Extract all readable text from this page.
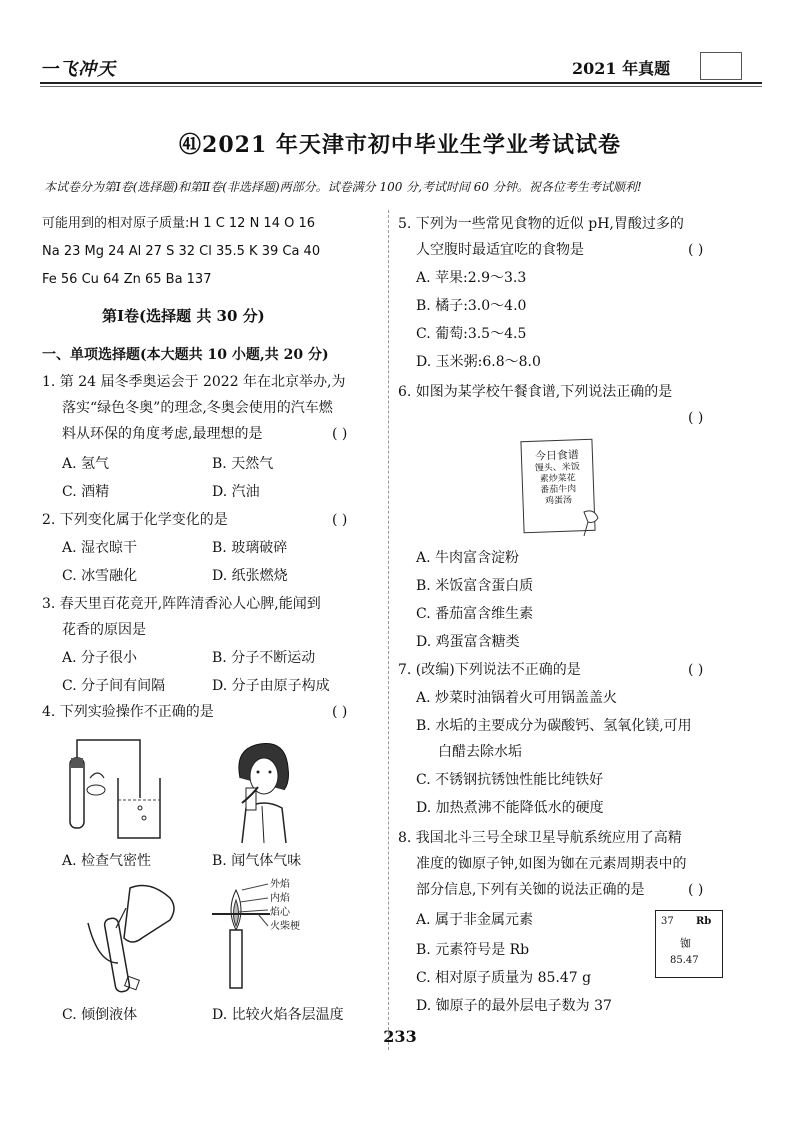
一飞冲天	2021 年真题
㊶2021 年天津市初中毕业生学业考试试卷
本试卷分为第Ⅰ卷(选择题)和第Ⅱ卷(非选择题)两部分。试卷满分 100 分,考试时间 60 分钟。祝各位考生考试顺利!
可能用到的相对原子质量:H 1 C 12 N 14 O 16
Na 23 Mg 24 Al 27 S 32 Cl 35.5 K 39 Ca 40
Fe 56 Cu 64 Zn 65 Ba 137
第Ⅰ卷(选择题 共 30 分)
一、单项选择题(本大题共 10 小题,共 20 分)
1. 第 24 届冬季奥运会于 2022 年在北京举办,为
落实“绿色冬奥”的理念,冬奥会使用的汽车燃
料从环保的角度考虑,最理想的是	( )
A. 氢气	B. 天然气
C. 酒精	D. 汽油
2. 下列变化属于化学变化的是	( )
A. 湿衣晾干	B. 玻璃破碎
C. 冰雪融化	D. 纸张燃烧
3. 春天里百花竞开,阵阵清香沁人心脾,能闻到
花香的原因是
A. 分子很小	B. 分子不断运动
C. 分子间有间隔	D. 分子由原子构成
4. 下列实验操作不正确的是	( )
A. 检查气密性	B. 闻气体气味
外焰
内焰
焰心
火柴梗
C. 倾倒液体	D. 比较火焰各层温度
5. 下列为一些常见食物的近似 pH,胃酸过多的
人空腹时最适宜吃的食物是	( )
A. 苹果:2.9～3.3
B. 橘子:3.0～4.0
C. 葡萄:3.5～4.5
D. 玉米粥:6.8～8.0
6. 如图为某学校午餐食谱,下列说法正确的是
( )
A. 牛肉富含淀粉
B. 米饭富含蛋白质
C. 番茄富含维生素
D. 鸡蛋富含糖类
7. (改编)下列说法不正确的是	( )
A. 炒菜时油锅着火可用锅盖盖火
B. 水垢的主要成分为碳酸钙、氢氧化镁,可用
白醋去除水垢
C. 不锈钢抗锈蚀性能比纯铁好
D. 加热煮沸不能降低水的硬度
8. 我国北斗三号全球卫星导航系统应用了高精
准度的铷原子钟,如图为铷在元素周期表中的
部分信息,下列有关铷的说法正确的是	( )
A. 属于非金属元素
B. 元素符号是 Rb
C. 相对原子质量为 85.47 g
D. 铷原子的最外层电子数为 37
今日食谱
馒头、米饭
素炒菜花
番茄牛肉
鸡蛋汤
37 Rb
铷
85.47
233
